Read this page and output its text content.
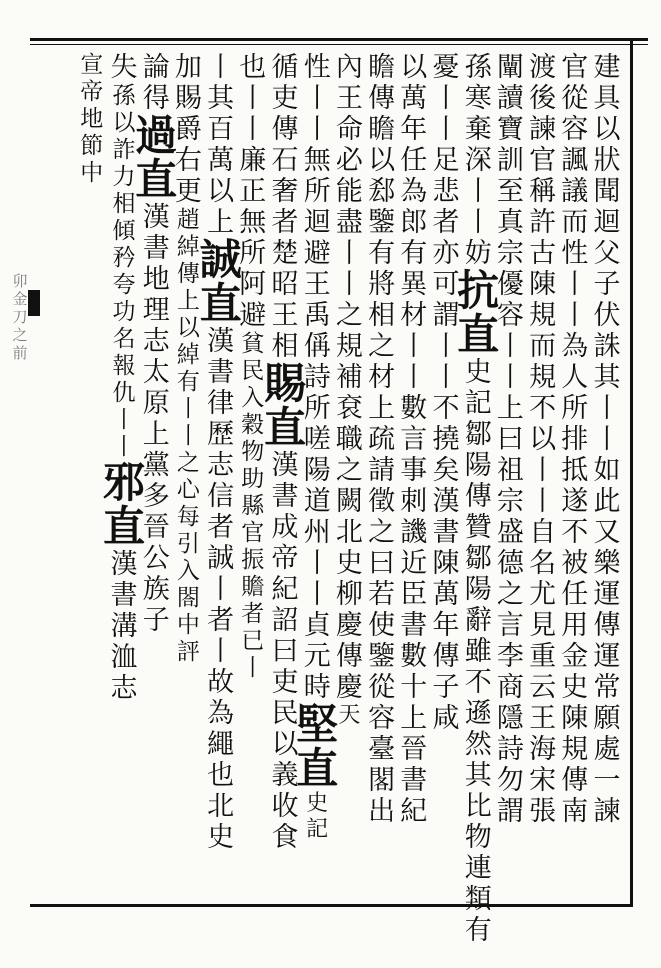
卯
金
刀
之
前
建
具
以
狀
聞
迴
父
子
伏
誅
其
丨
丨
如
此
又
樂
運
傳
運
常
願
處
一
諫
官
從
容
諷
議
而
性
丨
丨
為
人
所
排
抵
遂
不
被
任
用
金
史
陳
規
傳
南
渡
後
諫
官
稱
許
古
陳
規
而
規
不
以
丨
丨
自
名
尤
見
重
云
王
海
宋
張
闡
讀
寶
訓
至
真
宗
優
容
丨
丨
上
曰
祖
宗
盛
德
之
言
李
商
隱
詩
勿
謂
孫
寒
棄
深
丨
丨
妨
抗
直
史
記
鄒
陽
傳
贊
鄒
陽
辭
雖
不
遜
然
其
比
物
連
類
有
憂
丨
丨
足
悲
者
亦
可
謂
丨
丨
不
撓
矣
漢
書
陳
萬
年
傳
子
咸
以
萬
年
任
為
郎
有
異
材
丨
丨
數
言
事
刺
譏
近
臣
書
數
十
上
晉
書
紀
瞻
傳
瞻
以
郄
鑒
有
將
相
之
材
上
疏
請
徵
之
曰
若
使
鑒
從
容
臺
閣
出
內
王
命
必
能
盡
丨
丨
之
規
補
袞
職
之
闕
北
史
柳
慶
傳
慶
天
性
丨
丨
無
所
迴
避
王
禹
偁
詩
所
嗟
陽
道
州
丨
丨
貞
元
時
堅
直
史
記
循
吏
傳
石
奢
者
楚
昭
王
相
賜
直
漢
書
成
帝
紀
詔
曰
吏
民
以
義
收
食
也
丨
丨
廉
正
無
所
阿
避
貧
民
入
穀
物
助
縣
官
振
贍
者
已
丨
丨
其
百
萬
以
上
誠
直
漢
書
律
歷
志
信
者
誠
丨
者
丨
故
為
繩
也
北
史
加
賜
爵
右
更
趙
綽
傳
上
以
綽
有
丨
丨
之
心
每
引
入
閤
中
評
論
得
過
直
漢
書
地
理
志
太
原
上
黨
多
晉
公
族
子
失
孫
以
詐
力
相
傾
矜
夸
功
名
報
仇
丨
丨
邪
直
漢
書
溝
洫
志
宣
帝
地
節
中
